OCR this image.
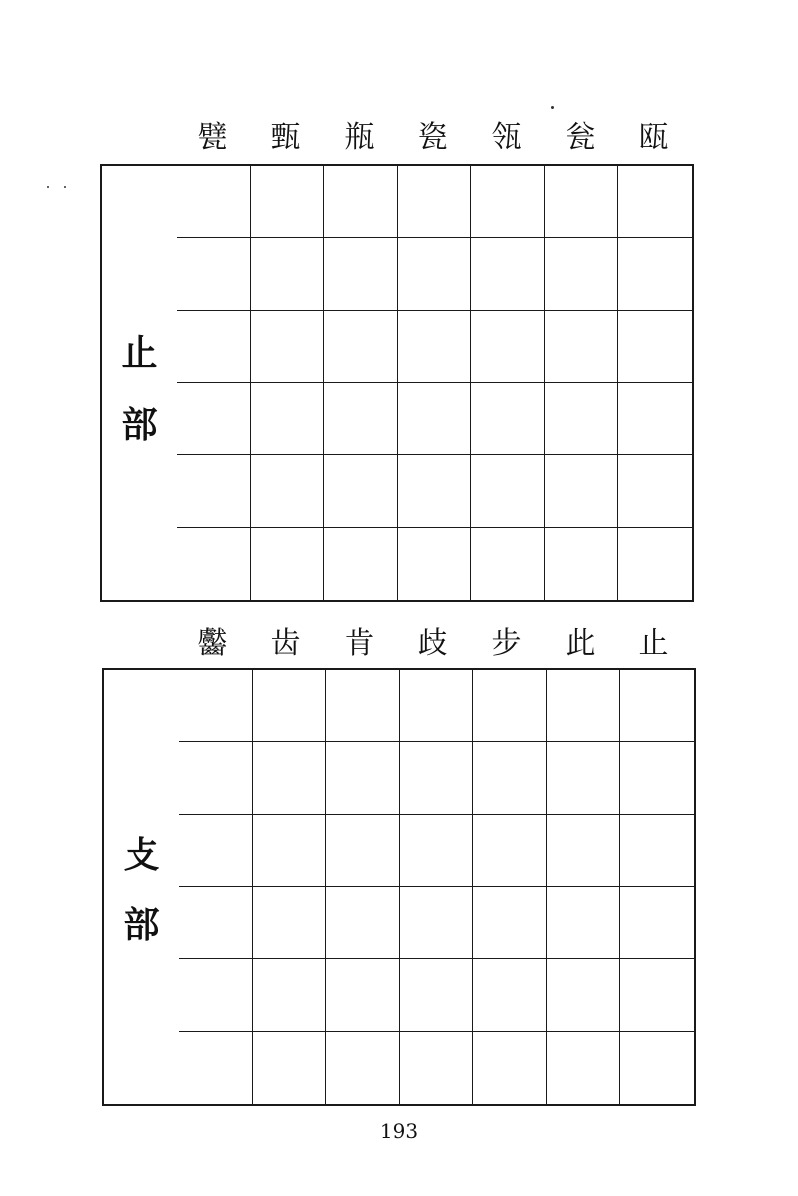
甓	甄	瓶	瓷	瓴	瓮	瓯
止
部
齾	齿	肯	歧	步	此	止
攴
部
193
